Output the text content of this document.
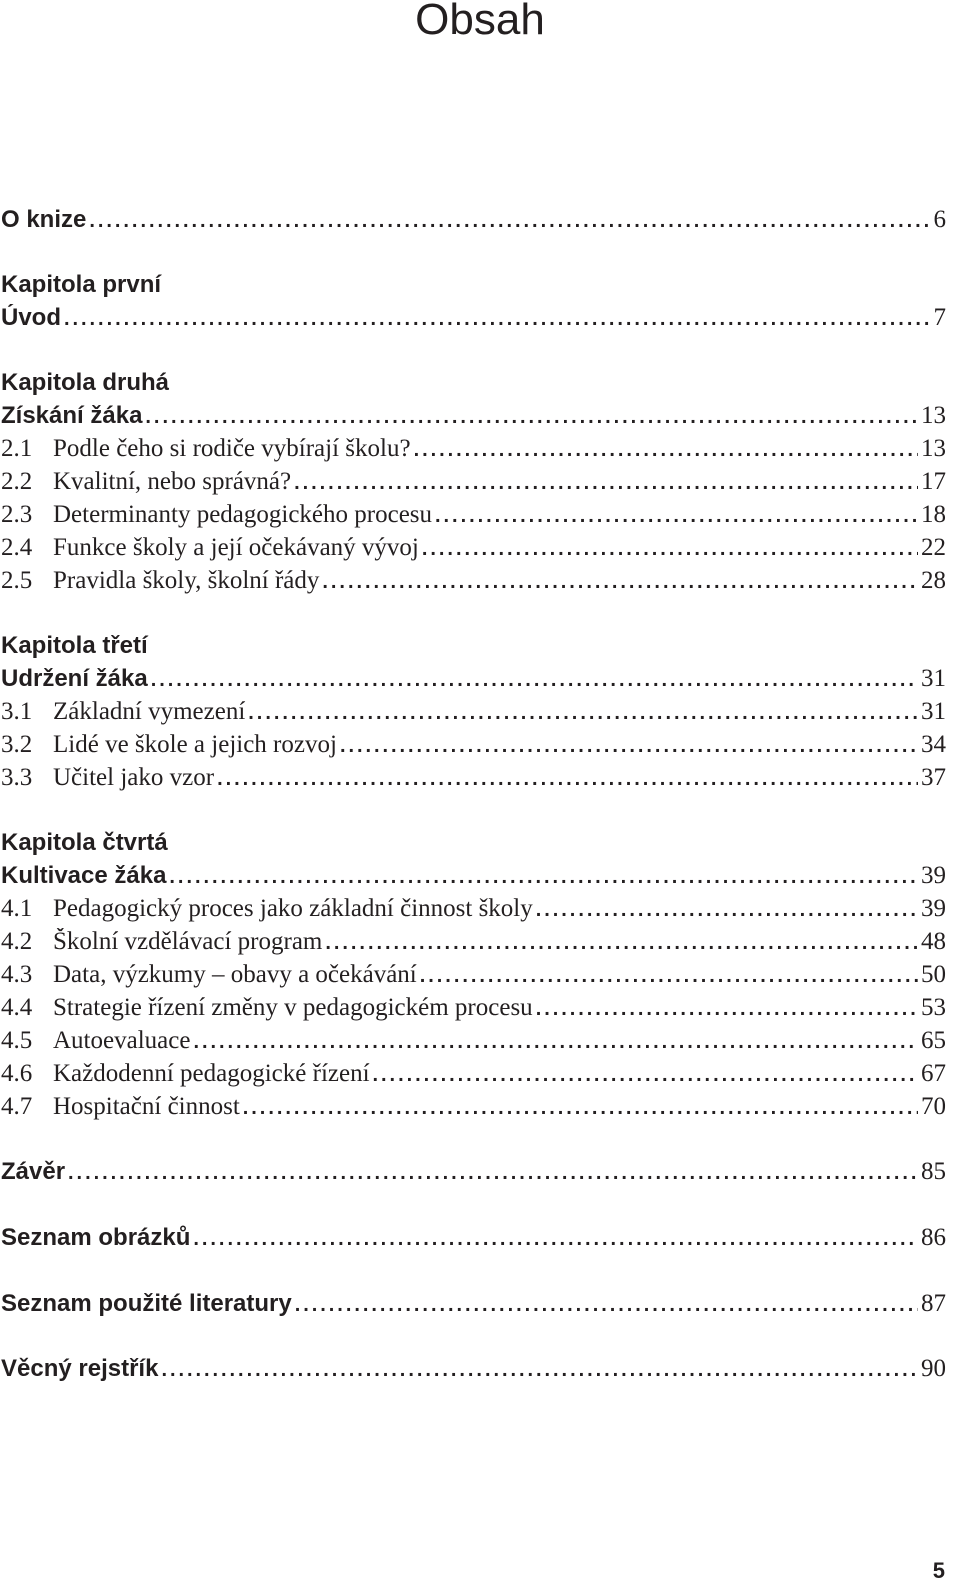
Obsah
O knize . . .	6
Kapitola první
Úvod . . .	7
Kapitola druhá
Získání žáka . . .	13
2.1 Podle čeho si rodiče vybírají školu? . . .	13
2.2 Kvalitní, nebo správná? . . .	17
2.3 Determinanty pedagogického procesu . . .	18
2.4 Funkce školy a její očekávaný vývoj . . .	22
2.5 Pravidla školy, školní řády . . .	28
Kapitola třetí
Udržení žáka . . .	31
3.1 Základní vymezení . . .	31
3.2 Lidé ve škole a jejich rozvoj . . .	34
3.3 Učitel jako vzor . . .	37
Kapitola čtvrtá
Kultivace žáka . . .	39
4.1 Pedagogický proces jako základní činnost školy . . .	39
4.2 Školní vzdělávací program . . .	48
4.3 Data, výzkumy – obavy a očekávání . . .	50
4.4 Strategie řízení změny v pedagogickém procesu . . .	53
4.5 Autoevaluace . . .	65
4.6 Každodenní pedagogické řízení . . .	67
4.7 Hospitační činnost . . .	70
Závěr . . .	85
Seznam obrázků . . .	86
Seznam použité literatury . . .	87
Věcný rejstřík . . .	90
5
